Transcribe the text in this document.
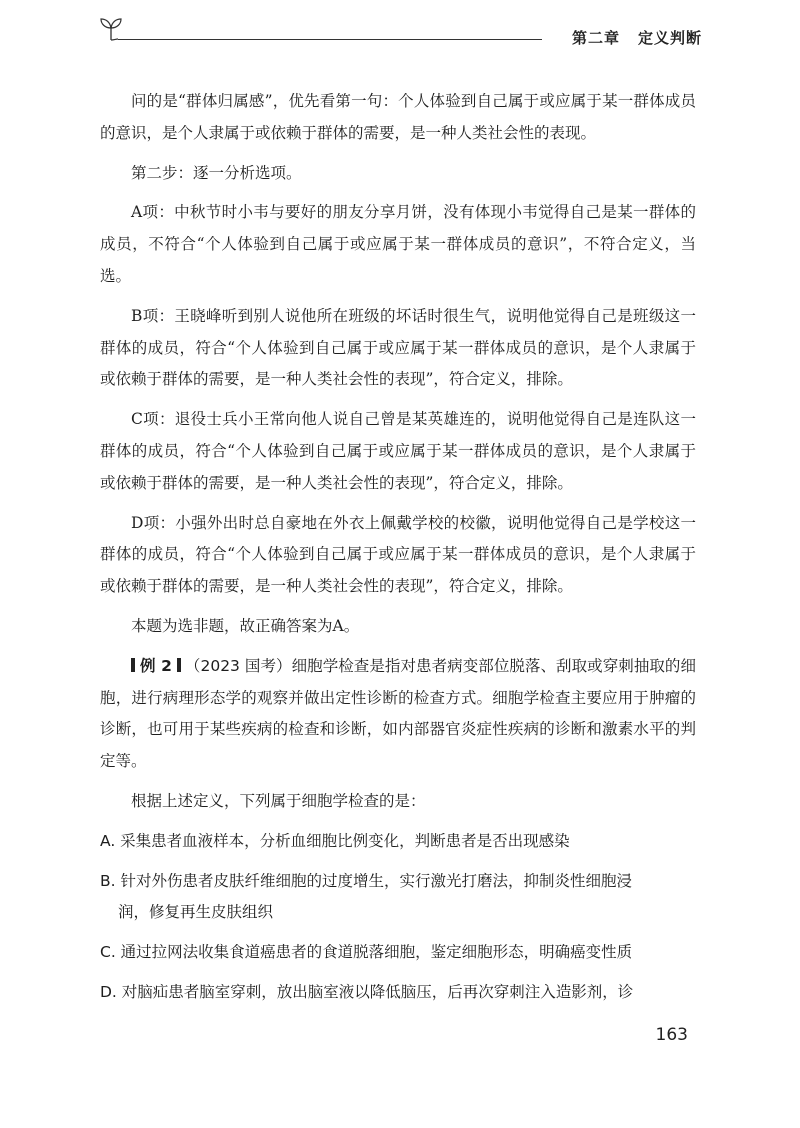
第二章 定义判断

问的是“群体归属感”，优先看第一句：个人体验到自己属于或应属于某一群体成员的意识，是个人隶属于或依赖于群体的需要，是一种人类社会性的表现。

第二步：逐一分析选项。

A项：中秋节时小韦与要好的朋友分享月饼，没有体现小韦觉得自己是某一群体的成员，不符合“个人体验到自己属于或应属于某一群体成员的意识”，不符合定义，当选。

B项：王晓峰听到别人说他所在班级的坏话时很生气，说明他觉得自己是班级这一群体的成员，符合“个人体验到自己属于或应属于某一群体成员的意识，是个人隶属于或依赖于群体的需要，是一种人类社会性的表现”，符合定义，排除。

C项：退役士兵小王常向他人说自己曾是某英雄连的，说明他觉得自己是连队这一群体的成员，符合“个人体验到自己属于或应属于某一群体成员的意识，是个人隶属于或依赖于群体的需要，是一种人类社会性的表现”，符合定义，排除。

D项：小强外出时总自豪地在外衣上佩戴学校的校徽，说明他觉得自己是学校这一群体的成员，符合“个人体验到自己属于或应属于某一群体成员的意识，是个人隶属于或依赖于群体的需要，是一种人类社会性的表现”，符合定义，排除。

本题为选非题，故正确答案为A。

例 2 （2023 国考）细胞学检查是指对患者病变部位脱落、刮取或穿刺抽取的细胞，进行病理形态学的观察并做出定性诊断的检查方式。细胞学检查主要应用于肿瘤的诊断，也可用于某些疾病的检查和诊断，如内部器官炎症性疾病的诊断和激素水平的判定等。

根据上述定义，下列属于细胞学检查的是：

A. 采集患者血液样本，分析血细胞比例变化，判断患者是否出现感染

B. 针对外伤患者皮肤纤维细胞的过度增生，实行激光打磨法，抑制炎性细胞浸
润，修复再生皮肤组织

C. 通过拉网法收集食道癌患者的食道脱落细胞，鉴定细胞形态，明确癌变性质

D. 对脑疝患者脑室穿刺，放出脑室液以降低脑压，后再次穿刺注入造影剂，诊

163
